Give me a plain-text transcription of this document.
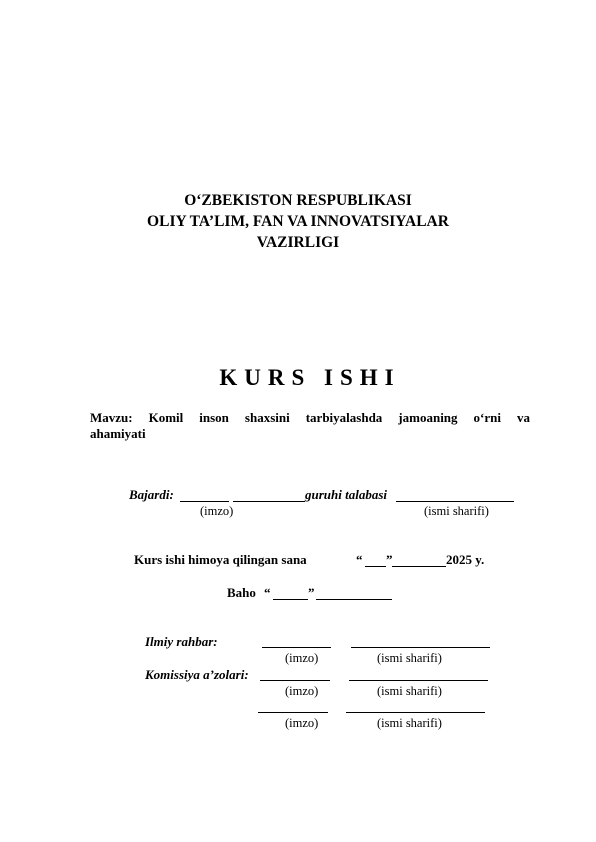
O‘ZBEKISTON RESPUBLIKASI
OLIY TA’LIM, FAN VA INNOVATSIYALAR
VAZIRLIGI
KURS ISHI
Mavzu: Komil inson shaxsini tarbiyalashda jamoaning o‘rni va
ahamiyati
Bajardi:	guruhi talabasi
(imzo)	(ismi sharifi)
Kurs ishi himoya qilingan sana	“ ”	2025 y.
Baho “	”
Ilmiy rahbar:
(imzo)	(ismi sharifi)
Komissiya a’zolari:
(imzo)	(ismi sharifi)
(imzo)	(ismi sharifi)
